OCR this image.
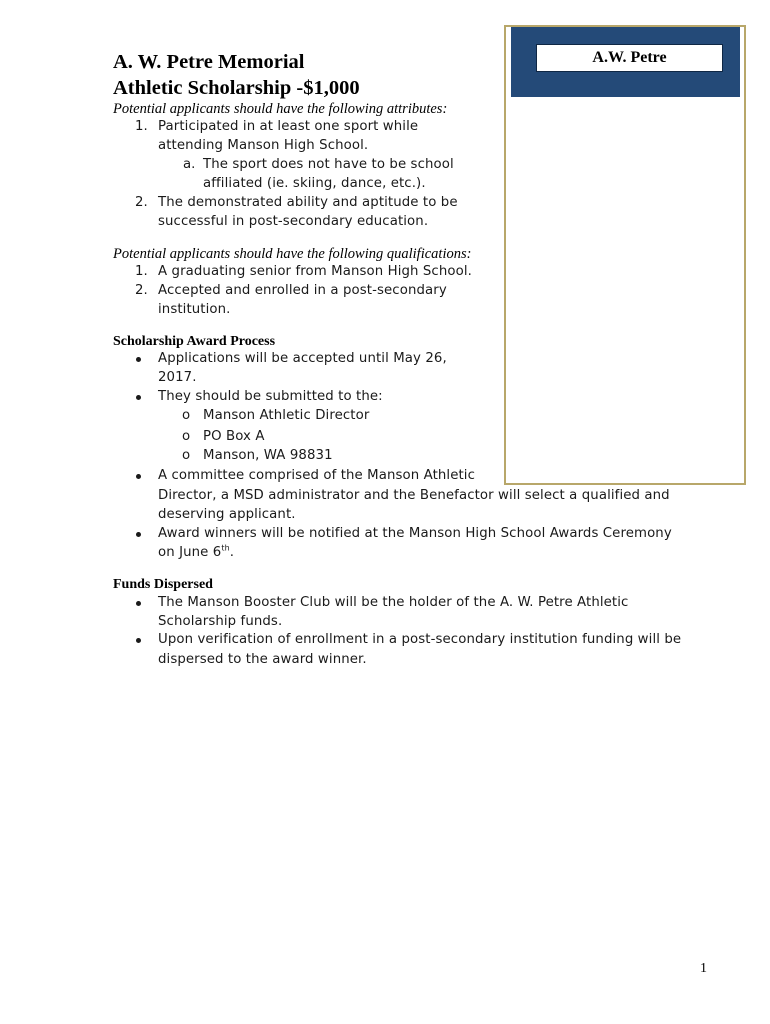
A.W. Petre
A. W. Petre Memorial
Athletic Scholarship -$1,000
Potential applicants should have the following attributes:
1. Participated in at least one sport while
attending Manson High School.
a. The sport does not have to be school
affiliated (ie. skiing, dance, etc.).
2. The demonstrated ability and aptitude to be
successful in post-secondary education.
Potential applicants should have the following qualifications:
1. A graduating senior from Manson High School.
2. Accepted and enrolled in a post-secondary
institution.
Scholarship Award Process
Applications will be accepted until May 26,
2017.
They should be submitted to the:
o Manson Athletic Director
o PO Box A
o Manson, WA 98831
A committee comprised of the Manson Athletic
Director, a MSD administrator and the Benefactor will select a qualified and
deserving applicant.
Award winners will be notified at the Manson High School Awards Ceremony
on June 6th.
Funds Dispersed
The Manson Booster Club will be the holder of the A. W. Petre Athletic
Scholarship funds.
Upon verification of enrollment in a post-secondary institution funding will be
dispersed to the award winner.
1
